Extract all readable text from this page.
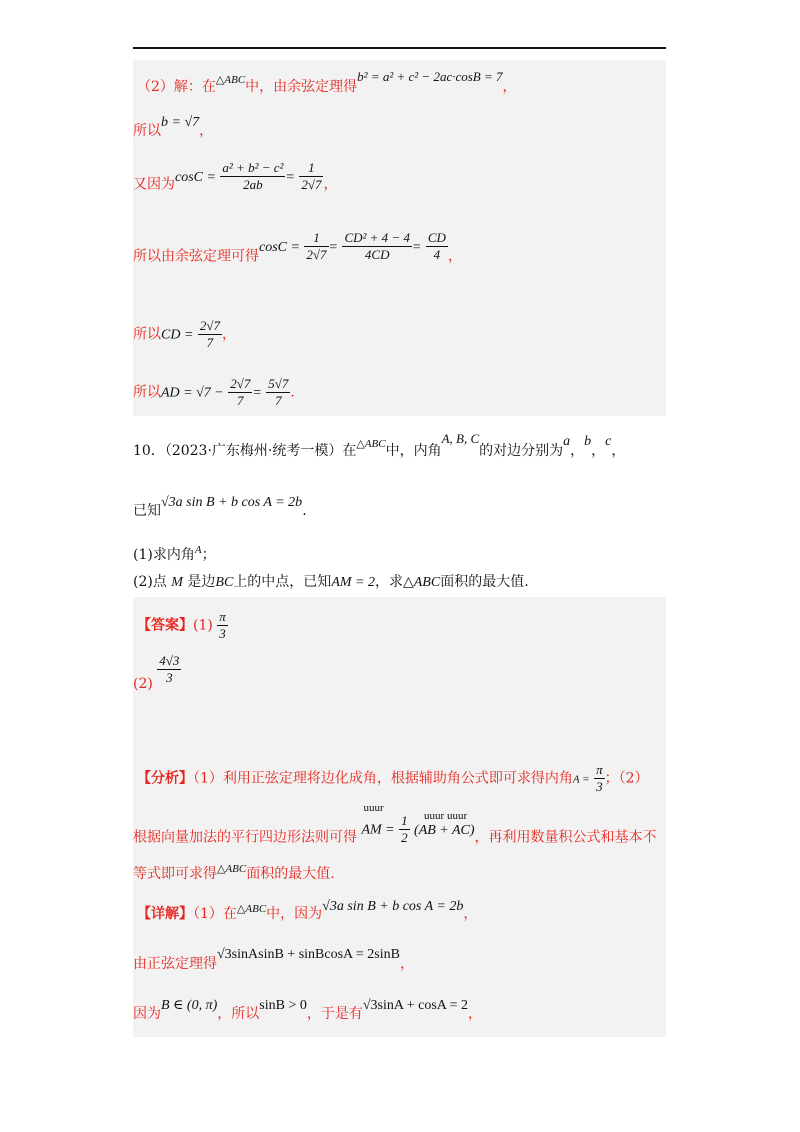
（2）解：在$^{\triangle ABC}$中，由余弦定理得b² = a² + c² − 2ac·cosB = 7，
所以b = √7，
又因为$\cos C = \frac{\text{a² + b² − c²}}{2ab} = \frac{1}{2√7}$ ，
所以由余弦定理可得$\cos C = \frac{1}{2√7} = \frac{\text{CD² + 4 − 4}}{4CD} = \frac{CD}{4}$ ，
所以CD = $\frac{2√7}{7}$ ，
所以AD = $√7 - \frac{2√7}{7} = \frac{5√7}{7}$ .
10．（2023·广东梅州·统考一模）在$^{\triangle ABC}$中，内角A, B, C的对边分别为a，b，c，
已知√3a sin B + b cos A = 2b.
(1)求内角$^A$；
(2)点 M 是边BC上的中点，已知AM = 2，求△ABC面积的最大值.
【答案】$(1) \frac{\pi}{3}$
$(2) \frac{4√3}{3}$
【分析】（1）利用正弦定理将边化成角，根据辅助角公式即可求得内角$A = \frac{\pi}{3}$ ；（2）
根据向量加法的平行四边形法则可得
uuur
AM = $\frac{1}{2}$
uuur uuur
(AB + AC)，再利用数量积公式和基本不
等式即可求得$^{\triangle ABC}$面积的最大值.
【详解】（1）在$^{\triangle ABC}$中，因为√3a sin B + b cos A = 2b，
由正弦定理得√3sinAsinB + sinBcosA = 2sinB，
因为B ∈ (0, π)，所以sinB > 0，于是有√3sinA + cosA = 2，
